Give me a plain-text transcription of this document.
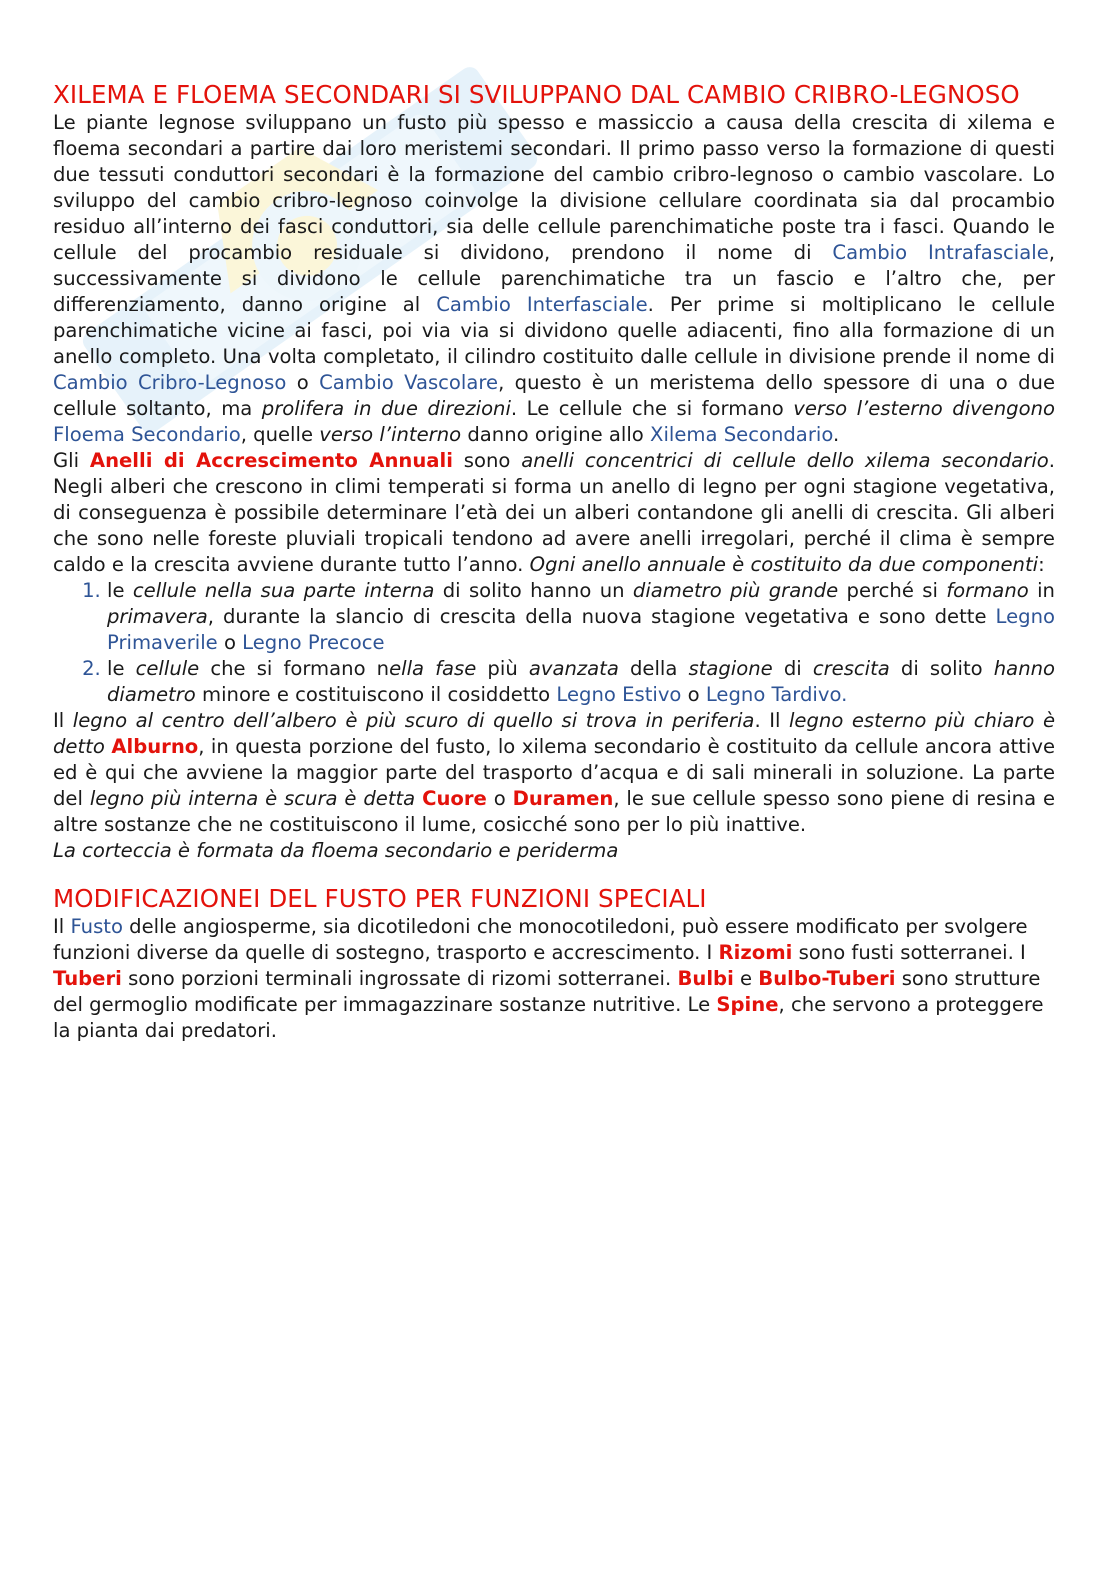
XILEMA E FLOEMA SECONDARI SI SVILUPPANO DAL CAMBIO CRIBRO-LEGNOSO

Le piante legnose sviluppano un fusto più spesso e massiccio a causa della crescita di xilema e floema secondari a partire dai loro meristemi secondari. Il primo passo verso la formazione di questi due tessuti conduttori secondari è la formazione del cambio cribro-legnoso o cambio vascolare. Lo sviluppo del cambio cribro-legnoso coinvolge la divisione cellulare coordinata sia dal procambio residuo all’interno dei fasci conduttori, sia delle cellule parenchimatiche poste tra i fasci. Quando le cellule del procambio residuale si dividono, prendono il nome di Cambio Intrafasciale, successivamente si dividono le cellule parenchimatiche tra un fascio e l’altro che, per differenziamento, danno origine al Cambio Interfasciale. Per prime si moltiplicano le cellule parenchimatiche vicine ai fasci, poi via via si dividono quelle adiacenti, fino alla formazione di un anello completo. Una volta completato, il cilindro costituito dalle cellule in divisione prende il nome di Cambio Cribro-Legnoso o Cambio Vascolare, questo è un meristema dello spessore di una o due cellule soltanto, ma prolifera in due direzioni. Le cellule che si formano verso l’esterno divengono Floema Secondario, quelle verso l’interno danno origine allo Xilema Secondario.

Gli Anelli di Accrescimento Annuali sono anelli concentrici di cellule dello xilema secondario. Negli alberi che crescono in climi temperati si forma un anello di legno per ogni stagione vegetativa, di conseguenza è possibile determinare l’età dei un alberi contandone gli anelli di crescita. Gli alberi che sono nelle foreste pluviali tropicali tendono ad avere anelli irregolari, perché il clima è sempre caldo e la crescita avviene durante tutto l’anno. Ogni anello annuale è costituito da due componenti:

1. le cellule nella sua parte interna di solito hanno un diametro più grande perché si formano in primavera, durante la slancio di crescita della nuova stagione vegetativa e sono dette Legno Primaverile o Legno Precoce
2. le cellule che si formano nella fase più avanzata della stagione di crescita di solito hanno diametro minore e costituiscono il cosiddetto Legno Estivo o Legno Tardivo.

Il legno al centro dell’albero è più scuro di quello si trova in periferia. Il legno esterno più chiaro è detto Alburno, in questa porzione del fusto, lo xilema secondario è costituito da cellule ancora attive ed è qui che avviene la maggior parte del trasporto d’acqua e di sali minerali in soluzione. La parte del legno più interna è scura è detta Cuore o Duramen, le sue cellule spesso sono piene di resina e altre sostanze che ne costituiscono il lume, cosicché sono per lo più inattive.

La corteccia è formata da floema secondario e periderma

MODIFICAZIONEI DEL FUSTO PER FUNZIONI SPECIALI

Il Fusto delle angiosperme, sia dicotiledoni che monocotiledoni, può essere modificato per svolgere funzioni diverse da quelle di sostegno, trasporto e accrescimento. I Rizomi sono fusti sotterranei. I Tuberi sono porzioni terminali ingrossate di rizomi sotterranei. Bulbi e Bulbo-Tuberi sono strutture del germoglio modificate per immagazzinare sostanze nutritive. Le Spine, che servono a proteggere la pianta dai predatori.
